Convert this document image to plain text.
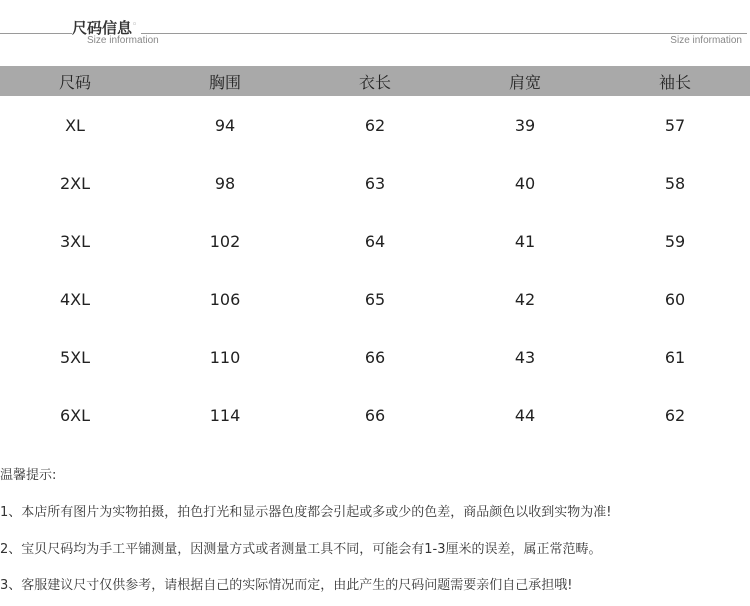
尺码信息◦
Size information	Size information
尺码	胸围	衣长	肩宽	袖长
XL	94	62	39	57
2XL	98	63	40	58
3XL	102	64	41	59
4XL	106	65	42	60
5XL	110	66	43	61
6XL	114	66	44	62
温馨提示:
1、本店所有图片为实物拍摄，拍色打光和显示器色度都会引起或多或少的色差，商品颜色以收到实物为准!
2、宝贝尺码均为手工平铺测量，因测量方式或者测量工具不同，可能会有1-3厘米的误差，属正常范畴。
3、客服建议尺寸仅供参考，请根据自己的实际情况而定，由此产生的尺码问题需要亲们自己承担哦!
